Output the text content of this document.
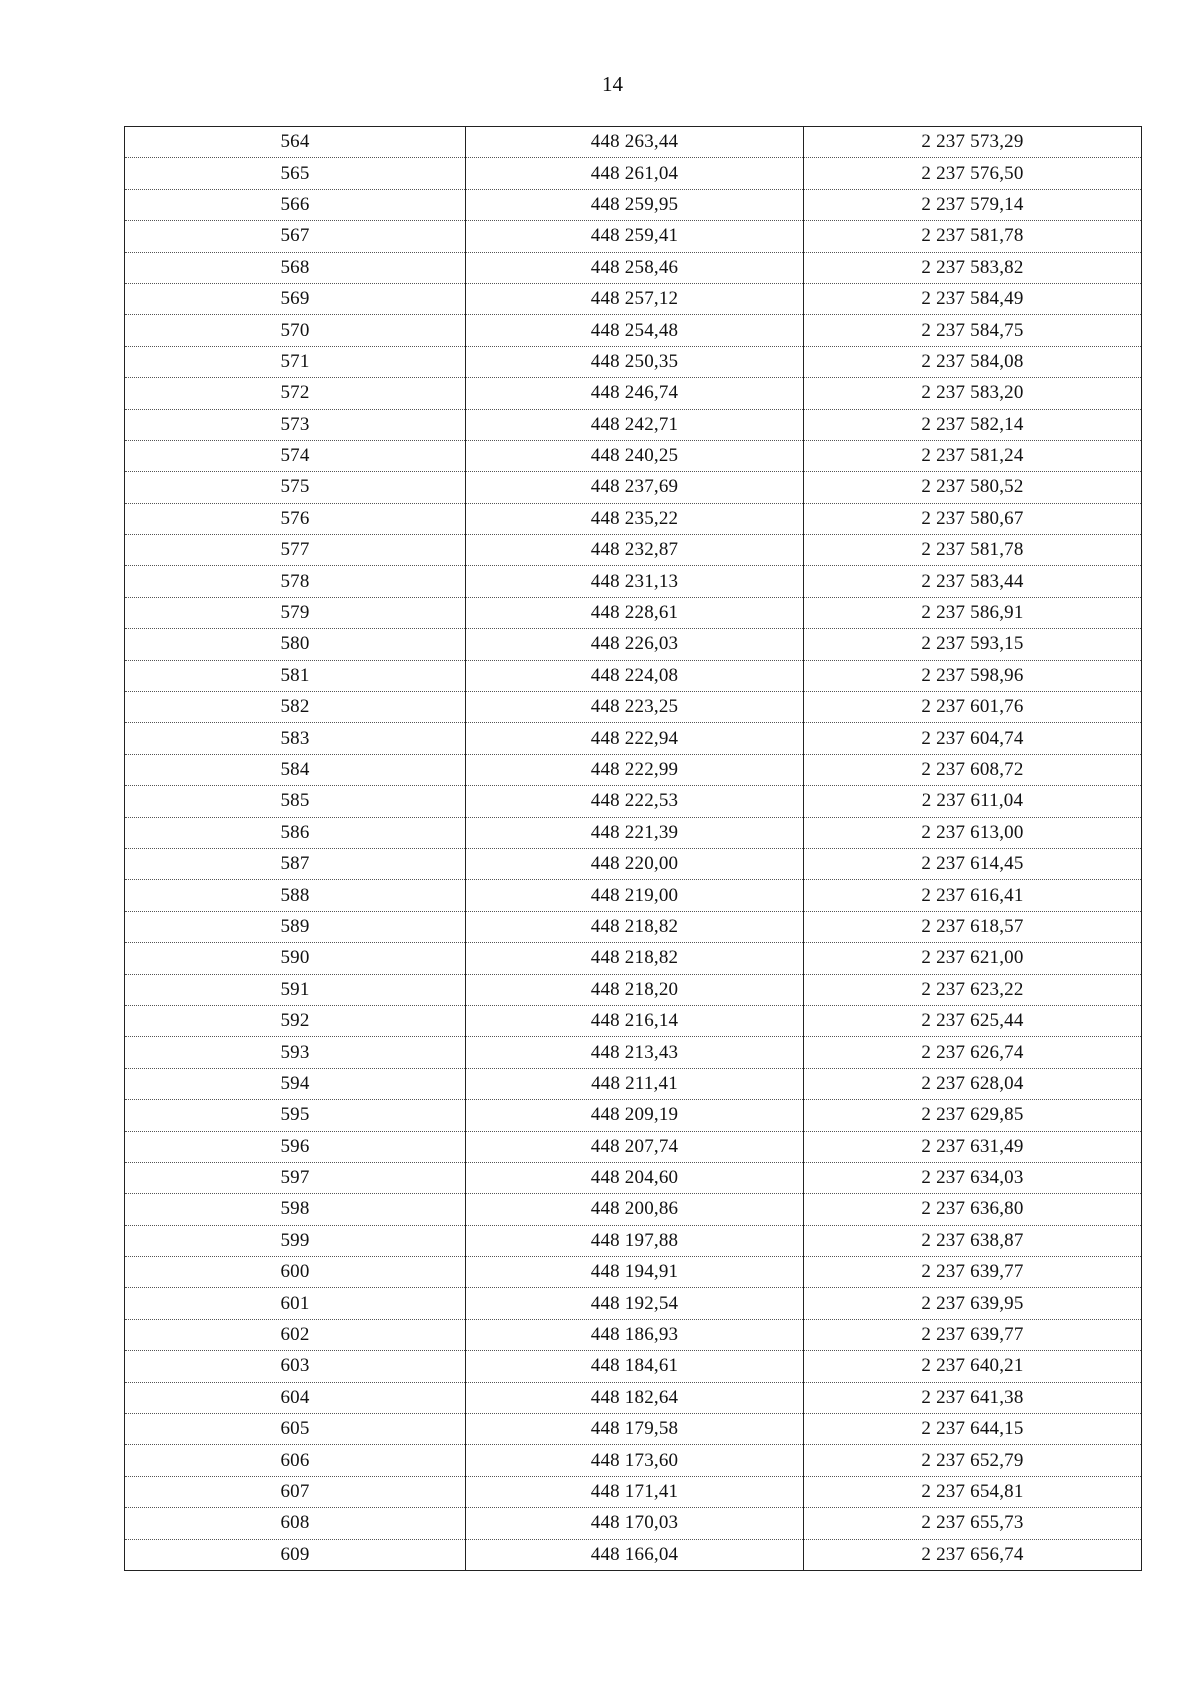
14
564	448 263,44	2 237 573,29
565	448 261,04	2 237 576,50
566	448 259,95	2 237 579,14
567	448 259,41	2 237 581,78
568	448 258,46	2 237 583,82
569	448 257,12	2 237 584,49
570	448 254,48	2 237 584,75
571	448 250,35	2 237 584,08
572	448 246,74	2 237 583,20
573	448 242,71	2 237 582,14
574	448 240,25	2 237 581,24
575	448 237,69	2 237 580,52
576	448 235,22	2 237 580,67
577	448 232,87	2 237 581,78
578	448 231,13	2 237 583,44
579	448 228,61	2 237 586,91
580	448 226,03	2 237 593,15
581	448 224,08	2 237 598,96
582	448 223,25	2 237 601,76
583	448 222,94	2 237 604,74
584	448 222,99	2 237 608,72
585	448 222,53	2 237 611,04
586	448 221,39	2 237 613,00
587	448 220,00	2 237 614,45
588	448 219,00	2 237 616,41
589	448 218,82	2 237 618,57
590	448 218,82	2 237 621,00
591	448 218,20	2 237 623,22
592	448 216,14	2 237 625,44
593	448 213,43	2 237 626,74
594	448 211,41	2 237 628,04
595	448 209,19	2 237 629,85
596	448 207,74	2 237 631,49
597	448 204,60	2 237 634,03
598	448 200,86	2 237 636,80
599	448 197,88	2 237 638,87
600	448 194,91	2 237 639,77
601	448 192,54	2 237 639,95
602	448 186,93	2 237 639,77
603	448 184,61	2 237 640,21
604	448 182,64	2 237 641,38
605	448 179,58	2 237 644,15
606	448 173,60	2 237 652,79
607	448 171,41	2 237 654,81
608	448 170,03	2 237 655,73
609	448 166,04	2 237 656,74
